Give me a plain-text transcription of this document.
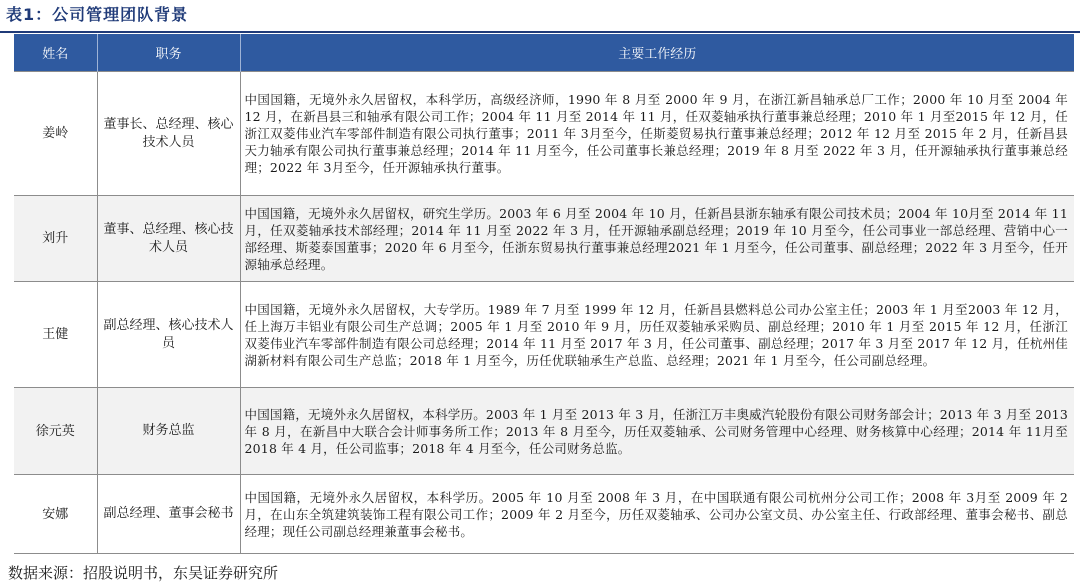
表1：公司管理团队背景
姓名	职务	主要工作经历
姜岭	董事长、总经理、核心技术人员	中国国籍，无境外永久居留权，本科学历，高级经济师，1990 年 8 月至 2000 年 9 月，在浙江新昌轴承总厂工作；2000 年 10 月至 2004 年 12 月，在新昌县三和轴承有限公司工作；2004 年 11 月至 2014 年 11 月，任双菱轴承执行董事兼总经理；2010 年 1 月至2015 年 12 月，任浙江双菱伟业汽车零部件制造有限公司执行董事；2011 年 3月至今，任斯菱贸易执行董事兼总经理；2012 年 12 月至 2015 年 2 月，任新昌县天力轴承有限公司执行董事兼总经理；2014 年 11 月至今，任公司董事长兼总经理；2019 年 8 月至 2022 年 3 月，任开源轴承执行董事兼总经理；2022 年 3月至今，任开源轴承执行董事。
刘升	董事、总经理、核心技术人员	中国国籍，无境外永久居留权，研究生学历。2003 年 6 月至 2004 年 10 月，任新昌县浙东轴承有限公司技术员；2004 年 10月至 2014 年 11 月，任双菱轴承技术部经理；2014 年 11 月至 2022 年 3 月，任开源轴承副总经理；2019 年 10 月至今，任公司事业一部总经理、营销中心一部经理、斯菱泰国董事；2020 年 6 月至今，任浙东贸易执行董事兼总经理2021 年 1 月至今，任公司董事、副总经理；2022 年 3 月至今，任开源轴承总经理。
王健	副总经理、核心技术人员	中国国籍，无境外永久居留权，大专学历。1989 年 7 月至 1999 年 12 月，任新昌县燃料总公司办公室主任；2003 年 1 月至2003 年 12 月，任上海万丰铝业有限公司生产总调；2005 年 1 月至 2010 年 9 月，历任双菱轴承采购员、副总经理；2010 年 1 月至 2015 年 12 月，任浙江双菱伟业汽车零部件制造有限公司总经理；2014 年 11 月至 2017 年 3 月，任公司董事、副总经理；2017 年 3 月至 2017 年 12 月，任杭州佳湖新材料有限公司生产总监；2018 年 1 月至今，历任优联轴承生产总监、总经理；2021 年 1 月至今，任公司副总经理。
徐元英	财务总监	中国国籍，无境外永久居留权，本科学历。2003 年 1 月至 2013 年 3 月，任浙江万丰奥威汽轮股份有限公司财务部会计；2013 年 3 月至 2013 年 8 月，在新昌中大联合会计师事务所工作；2013 年 8 月至今，历任双菱轴承、公司财务管理中心经理、财务核算中心经理；2014 年 11月至 2018 年 4 月，任公司监事；2018 年 4 月至今，任公司财务总监。
安娜	副总经理、董事会秘书	中国国籍，无境外永久居留权，本科学历。2005 年 10 月至 2008 年 3 月，在中国联通有限公司杭州分公司工作；2008 年 3月至 2009 年 2 月，在山东全筑建筑装饰工程有限公司工作；2009 年 2 月至今，历任双菱轴承、公司办公室文员、办公室主任、行政部经理、董事会秘书、副总经理；现任公司副总经理兼董事会秘书。
数据来源：招股说明书，东吴证券研究所
